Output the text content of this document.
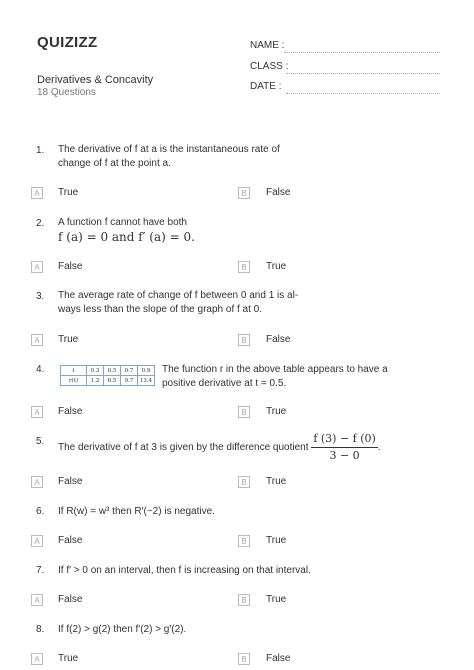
QUIZIZZ
Derivatives & Concavity
18 Questions
NAME :
CLASS :
DATE :
1. The derivative of f at a is the instantaneous rate of
change of f at the point a.
A	True	B	False
2. A function f cannot have both
f (a) = 0 and f′ (a) = 0.
A	False	B	True
3. The average rate of change of f between 0 and 1 is al-
ways less than the slope of the graph of f at 0.
A	True	B	False
4.	The function r in the above table appears to have a
positive derivative at t = 0.5.
A	False	B	True
t	0.3	0.5	0.7	0.9
r(t)	1.2	6.5	9.7	13.4
5.
The derivative of f at 3 is given by the difference quotient $\frac{f (3) - f (0)}{3 - 0}$ .
A	False	B	True
6. If R(w) = w³ then R′(−2) is negative.
A	False	B	True
7. If f′ > 0 on an interval, then f is increasing on that interval.
A	False	B	True
8. If f(2) > g(2) then f′(2) > g′(2).
A	True	B	False
